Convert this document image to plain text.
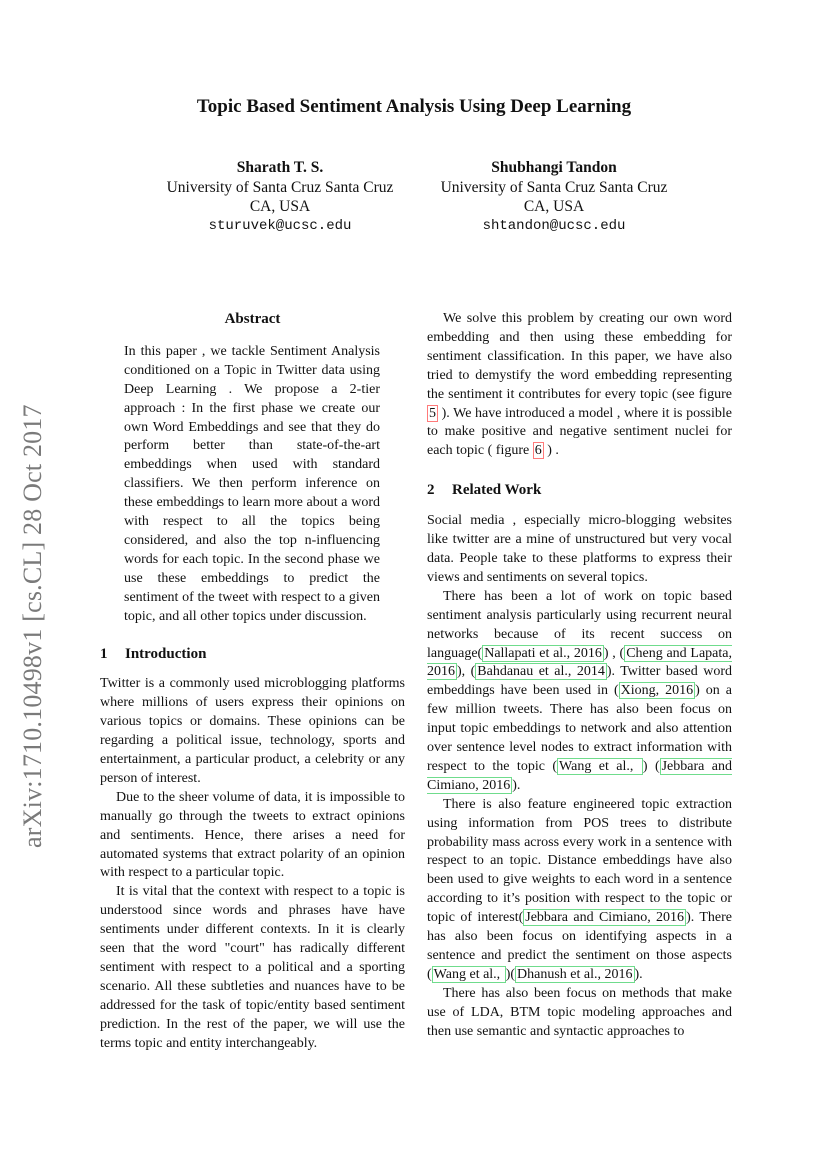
arXiv:1710.10498v1 [cs.CL] 28 Oct 2017
Topic Based Sentiment Analysis Using Deep Learning
Sharath T. S.
University of Santa Cruz Santa Cruz
CA, USA
sturuvek@ucsc.edu
Shubhangi Tandon
University of Santa Cruz Santa Cruz
CA, USA
shtandon@ucsc.edu
Abstract

In this paper , we tackle Sentiment Analysis conditioned on a Topic in Twitter data using Deep Learning . We propose a 2-tier approach : In the first phase we create our own Word Embeddings and see that they do perform better than state-of-the-art embeddings when used with standard classifiers. We then perform inference on these embeddings to learn more about a word with respect to all the topics being considered, and also the top n-influencing words for each topic. In the second phase we use these embeddings to predict the sentiment of the tweet with respect to a given topic, and all other topics under discussion.

1 Introduction

Twitter is a commonly used microblogging platforms where millions of users express their opinions on various topics or domains. These opinions can be regarding a political issue, technology, sports and entertainment, a particular product, a celebrity or any person of interest.

Due to the sheer volume of data, it is impossible to manually go through the tweets to extract opinions and sentiments. Hence, there arises a need for automated systems that extract polarity of an opinion with respect to a particular topic.

It is vital that the context with respect to a topic is understood since words and phrases have have sentiments under different contexts. In it is clearly seen that the word "court" has radically different sentiment with respect to a political and a sporting scenario. All these subtleties and nuances have to be addressed for the task of topic/entity based sentiment prediction. In the rest of the paper, we will use the terms topic and entity interchangeably.

We solve this problem by creating our own word embedding and then using these embedding for sentiment classification. In this paper, we have also tried to demystify the word embedding representing the sentiment it contributes for every topic (see figure 5 ). We have introduced a model , where it is possible to make positive and negative sentiment nuclei for each topic ( figure 6 ) .

2 Related Work

Social media , especially micro-blogging websites like twitter are a mine of unstructured but very vocal data. People take to these platforms to express their views and sentiments on several topics.

There has been a lot of work on topic based sentiment analysis particularly using recurrent neural networks because of its recent success on language( Nallapati et al., 2016 ) , ( Cheng and Lapata, 2016 ), ( Bahdanau et al., 2014 ). Twitter based word embeddings have been used in ( Xiong, 2016 ) on a few million tweets. There has also been focus on input topic embeddings to network and also attention over sentence level nodes to extract information with respect to the topic ( Wang et al., ) ( Jebbara and Cimiano, 2016 ).

There is also feature engineered topic extraction using information from POS trees to distribute probability mass across every work in a sentence with respect to an topic. Distance embeddings have also been used to give weights to each word in a sentence according to it’s position with respect to the topic or topic of interest( Jebbara and Cimiano, 2016 ). There has also been focus on identifying aspects in a sentence and predict the sentiment on those aspects ( Wang et al., )( Dhanush et al., 2016 ).

There has also been focus on methods that make use of LDA, BTM topic modeling approaches and then use semantic and syntactic approaches to
